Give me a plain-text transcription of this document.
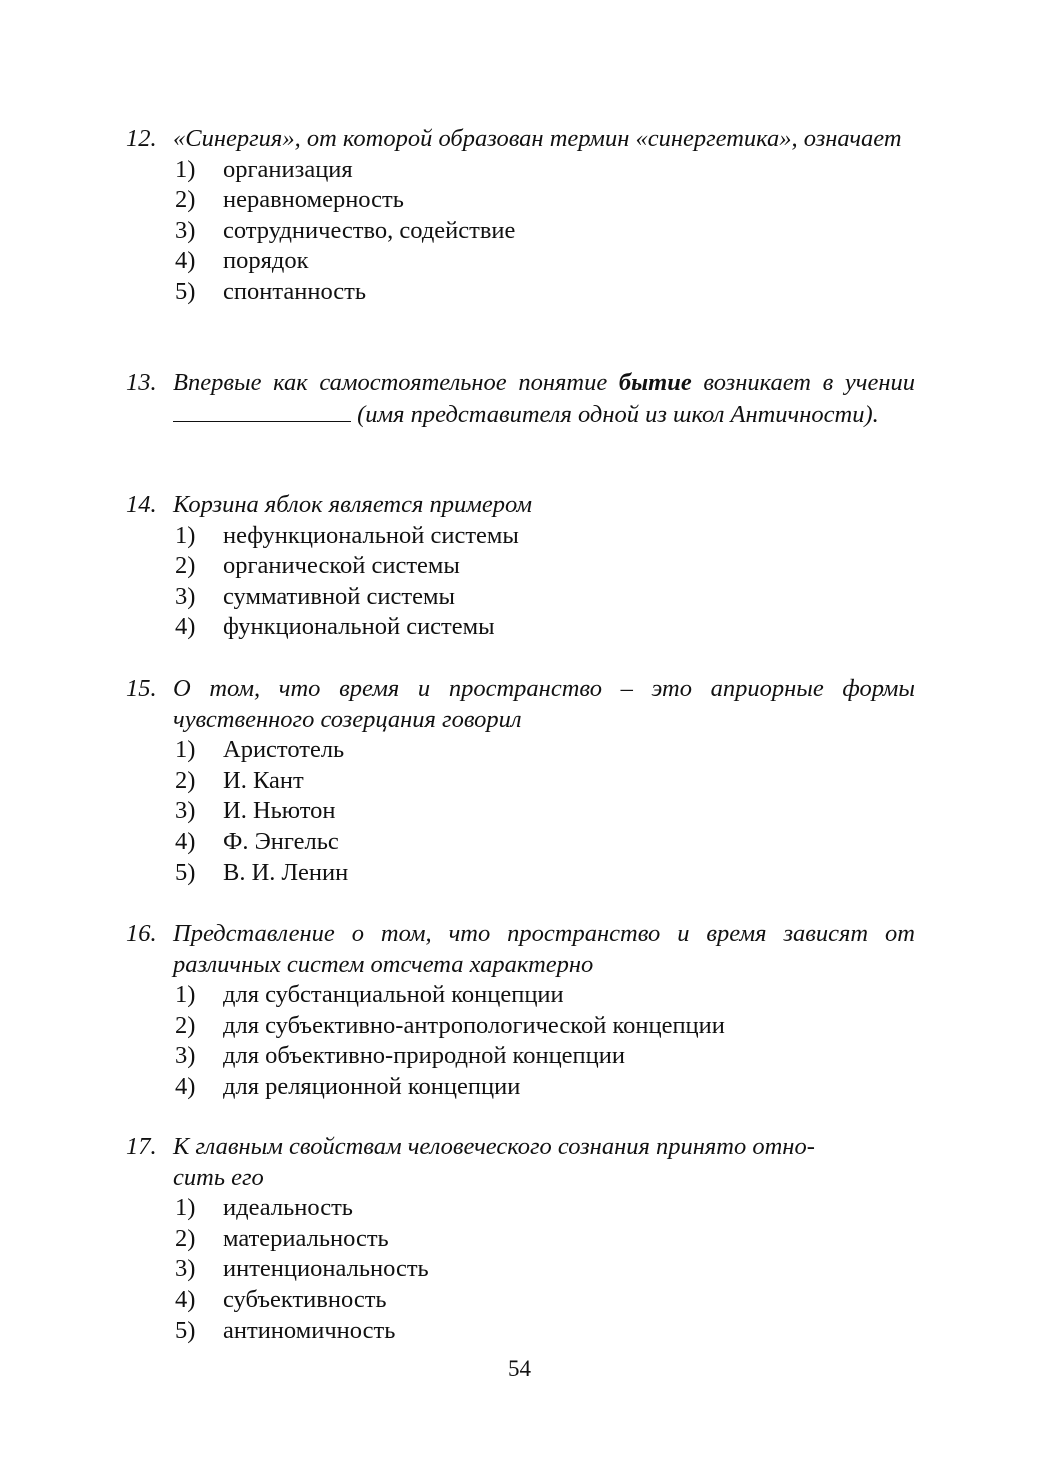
12. «Синергия», от которой образован термин «синергетика», означает
1) организация
2) неравномерность
3) сотрудничество, содействие
4) порядок
5) спонтанность
13. Впервые как самостоятельное понятие бытие возникает в учении  (имя представителя одной из школ Античности).
14. Корзина яблок является примером
1) нефункциональной системы
2) органической системы
3) суммативной системы
4) функциональной системы
15. О том, что время и пространство – это априорные формы чувственного созерцания говорил
1) Аристотель
2) И. Кант
3) И. Ньютон
4) Ф. Энгельс
5) В. И. Ленин
16. Представление о том, что пространство и время зависят от различных систем отсчета характерно
1) для субстанциальной концепции
2) для субъективно-антропологической концепции
3) для объективно-природной концепции
4) для реляционной концепции
17. К главным свойствам человеческого сознания принято отно-
сить его
1) идеальность
2) материальность
3) интенциональность
4) субъективность
5) антиномичность
54
